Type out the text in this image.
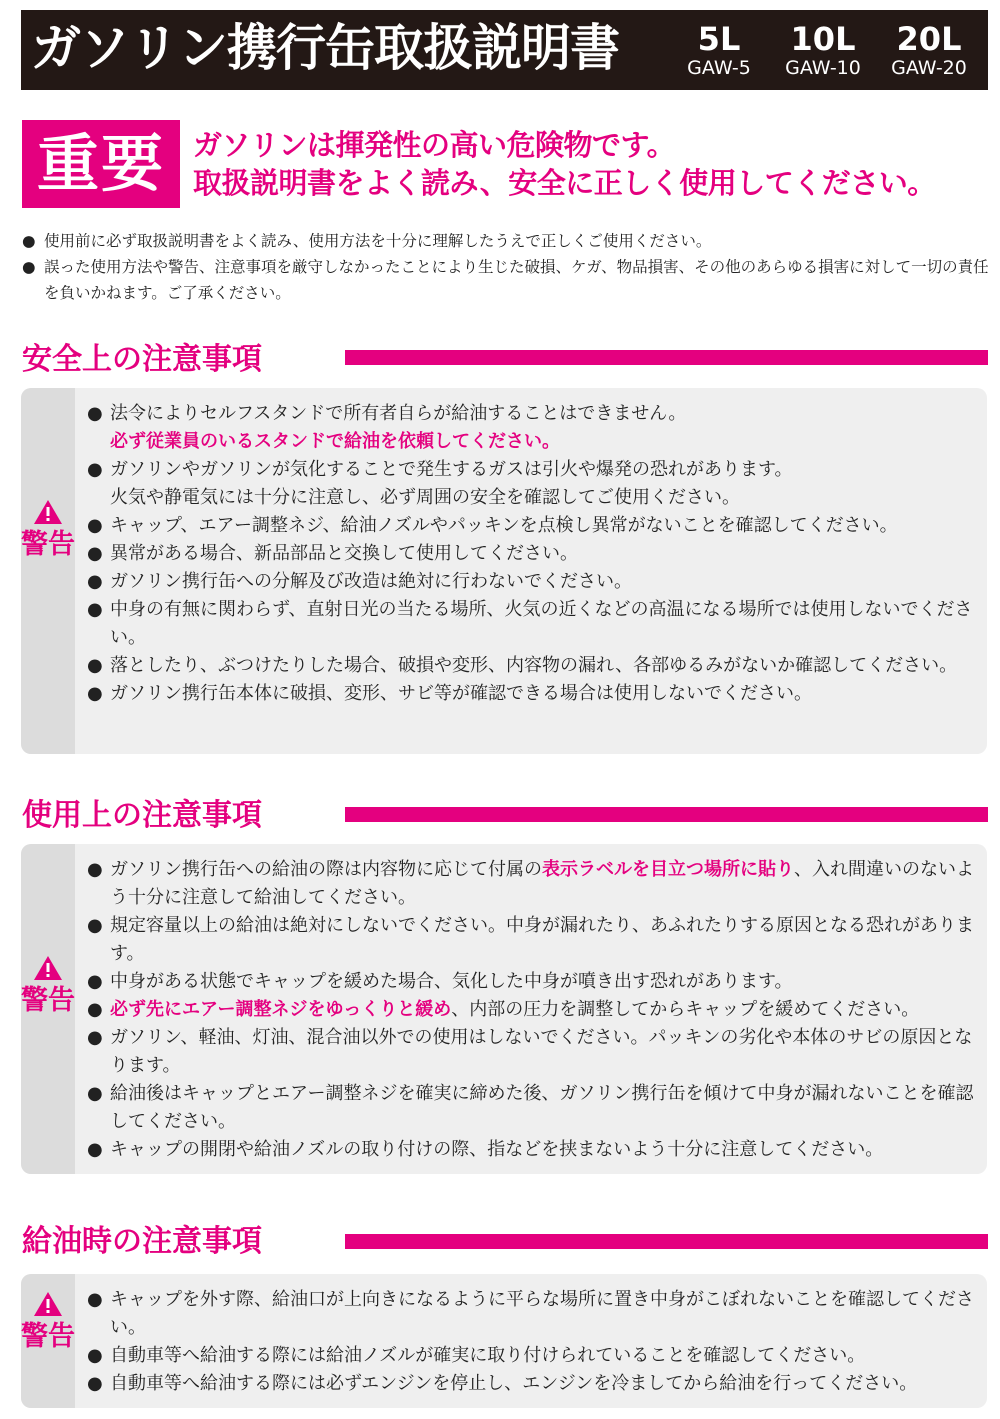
ガソリン携行缶取扱説明書	5L
GAW-5
10L
GAW-10
20L
GAW-20
重要 ガソリンは揮発性の高い危険物です。
取扱説明書をよく読み、安全に正しく使用してください。
● 使用前に必ず取扱説明書をよく読み、使用方法を十分に理解したうえで正しくご使用ください。
● 誤った使用方法や警告、注意事項を厳守しなかったことにより生じた破損、ケガ、物品損害、その他のあらゆる損害に対して一切の責任を負いかねます。ご了承ください。
安全上の注意事項
警告
● 法令によりセルフスタンドで所有者自らが給油することはできません。
必ず従業員のいるスタンドで給油を依頼してください。
● ガソリンやガソリンが気化することで発生するガスは引火や爆発の恐れがあります。
火気や静電気には十分に注意し、必ず周囲の安全を確認してご使用ください。
● キャップ、エアー調整ネジ、給油ノズルやパッキンを点検し異常がないことを確認してください。
● 異常がある場合、新品部品と交換して使用してください。
● ガソリン携行缶への分解及び改造は絶対に行わないでください。
● 中身の有無に関わらず、直射日光の当たる場所、火気の近くなどの高温になる場所では使用しないでください。
● 落としたり、ぶつけたりした場合、破損や変形、内容物の漏れ、各部ゆるみがないか確認してください。
● ガソリン携行缶本体に破損、変形、サビ等が確認できる場合は使用しないでください。
使用上の注意事項
警告
● ガソリン携行缶への給油の際は内容物に応じて付属の表示ラベルを目立つ場所に貼り、入れ間違いのないよう十分に注意して給油してください。
● 規定容量以上の給油は絶対にしないでください。中身が漏れたり、あふれたりする原因となる恐れがあります。
● 中身がある状態でキャップを緩めた場合、気化した中身が噴き出す恐れがあります。
● 必ず先にエアー調整ネジをゆっくりと緩め、内部の圧力を調整してからキャップを緩めてください。
● ガソリン、軽油、灯油、混合油以外での使用はしないでください。パッキンの劣化や本体のサビの原因となります。
● 給油後はキャップとエアー調整ネジを確実に締めた後、ガソリン携行缶を傾けて中身が漏れないことを確認してください。
● キャップの開閉や給油ノズルの取り付けの際、指などを挟まないよう十分に注意してください。
給油時の注意事項
警告
● キャップを外す際、給油口が上向きになるように平らな場所に置き中身がこぼれないことを確認してください。
● 自動車等へ給油する際には給油ノズルが確実に取り付けられていることを確認してください。
● 自動車等へ給油する際には必ずエンジンを停止し、エンジンを冷ましてから給油を行ってください。
